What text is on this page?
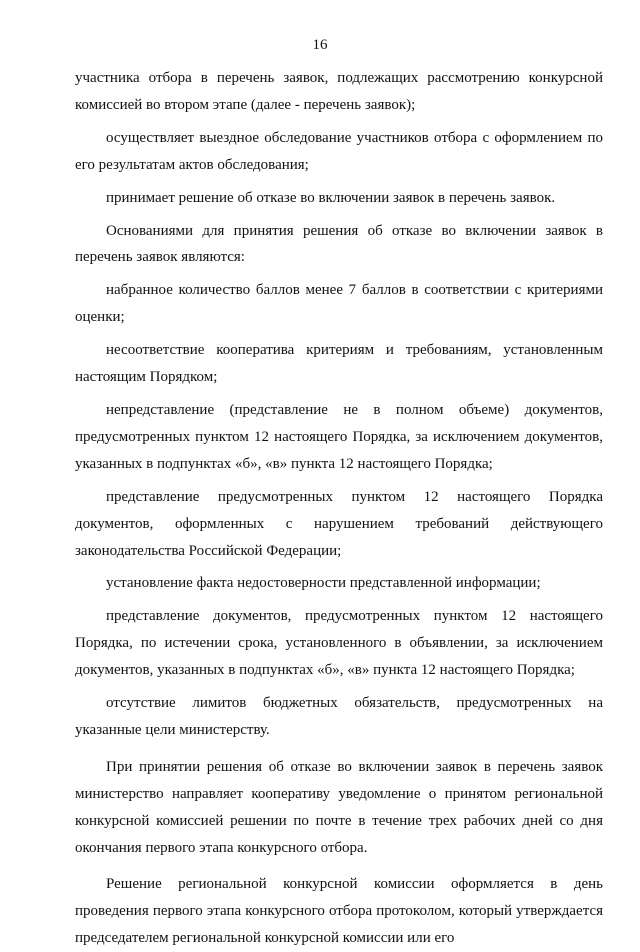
16

участника отбора в перечень заявок, подлежащих рассмотрению конкурсной комиссией во втором этапе (далее - перечень заявок);

осуществляет выездное обследование участников отбора с оформлением по его результатам актов обследования;

принимает решение об отказе во включении заявок в перечень заявок.

Основаниями для принятия решения об отказе во включении заявок в перечень заявок являются:

набранное количество баллов менее 7 баллов в соответствии с критериями оценки;

несоответствие кооператива критериям и требованиям, установленным настоящим Порядком;

непредставление (представление не в полном объеме) документов, предусмотренных пунктом 12 настоящего Порядка, за исключением документов, указанных в подпунктах «б», «в» пункта 12 настоящего Порядка;

представление предусмотренных пунктом 12 настоящего Порядка документов, оформленных с нарушением требований действующего законодательства Российской Федерации;

установление факта недостоверности представленной информации;

представление документов, предусмотренных пунктом 12 настоящего Порядка, по истечении срока, установленного в объявлении, за исключением документов, указанных в подпунктах «б», «в» пункта 12 настоящего Порядка;

отсутствие лимитов бюджетных обязательств, предусмотренных на указанные цели министерству.

При принятии решения об отказе во включении заявок в перечень заявок министерство направляет кооперативу уведомление о принятом региональной конкурсной комиссией решении по почте в течение трех рабочих дней со дня окончания первого этапа конкурсного отбора.

Решение региональной конкурсной комиссии оформляется в день проведения первого этапа конкурсного отбора протоколом, который утверждается председателем региональной конкурсной комиссии или его
